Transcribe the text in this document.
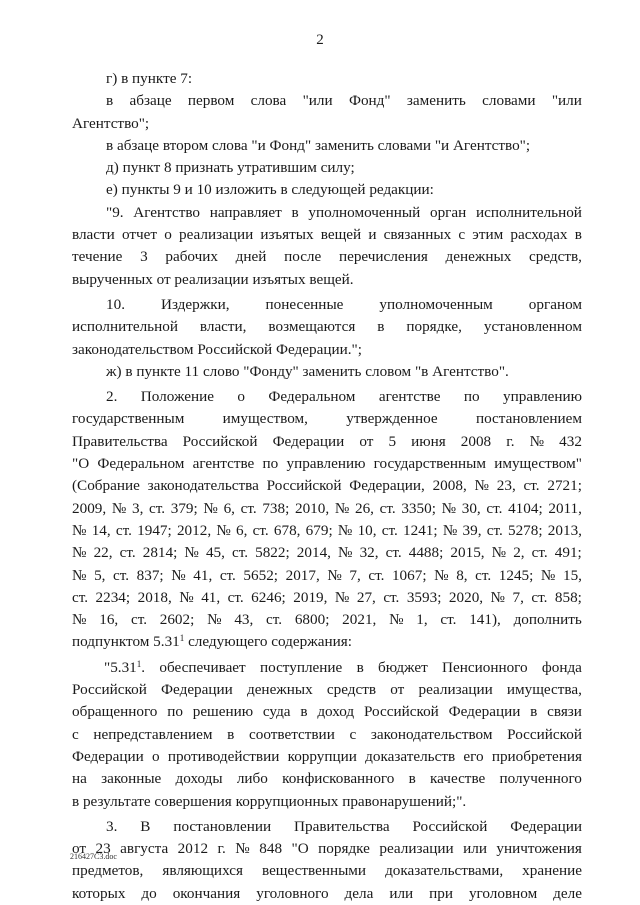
2
г) в пункте 7:
в абзаце первом слова "или Фонд" заменить словами "или
Агентство";
в абзаце втором слова "и Фонд" заменить словами "и Агентство";
д) пункт 8 признать утратившим силу;
е) пункты 9 и 10 изложить в следующей редакции:
"9. Агентство направляет в уполномоченный орган исполнительной
власти отчет о реализации изъятых вещей и связанных с этим расходах в
течение 3 рабочих дней после перечисления денежных средств,
вырученных от реализации изъятых вещей.
10. Издержки, понесенные уполномоченным органом
исполнительной власти, возмещаются в порядке, установленном
законодательством Российской Федерации.";
ж) в пункте 11 слово "Фонду" заменить словом "в Агентство".
2. Положение о Федеральном агентстве по управлению
государственным	имуществом,	утвержденное	постановлением
Правительства Российской Федерации от 5 июня 2008 г. № 432
"О Федеральном агентстве по управлению государственным имуществом"
(Собрание законодательства Российской Федерации, 2008, № 23, ст. 2721;
2009, № 3, ст. 379; № 6, ст. 738; 2010, № 26, ст. 3350; № 30, ст. 4104; 2011,
№ 14, ст. 1947; 2012, № 6, ст. 678, 679; № 10, ст. 1241; № 39, ст. 5278; 2013,
№ 22, ст. 2814; № 45, ст. 5822; 2014, № 32, ст. 4488; 2015, № 2, ст. 491;
№ 5, ст. 837; № 41, ст. 5652; 2017, № 7, ст. 1067; № 8, ст. 1245; № 15,
ст. 2234; 2018, № 41, ст. 6246; 2019, № 27, ст. 3593; 2020, № 7, ст. 858;
№ 16, ст. 2602; № 43, ст. 6800; 2021, № 1, ст. 141), дополнить
подпунктом 5.31$^1$ следующего содержания:
"5.31$^1$. обеспечивает поступление в бюджет Пенсионного фонда
Российской Федерации денежных средств от реализации имущества,
обращенного по решению суда в доход Российской Федерации в связи
с непредставлением в соответствии с законодательством Российской
Федерации о противодействии коррупции доказательств его приобретения
на законные доходы либо конфискованного в качестве полученного
в результате совершения коррупционных правонарушений;".
3. В постановлении Правительства Российской Федерации
от 23 августа 2012 г. № 848 "О порядке реализации или уничтожения
предметов, являющихся вещественными доказательствами, хранение
которых до окончания уголовного дела или при уголовном деле
216427С3.doc
